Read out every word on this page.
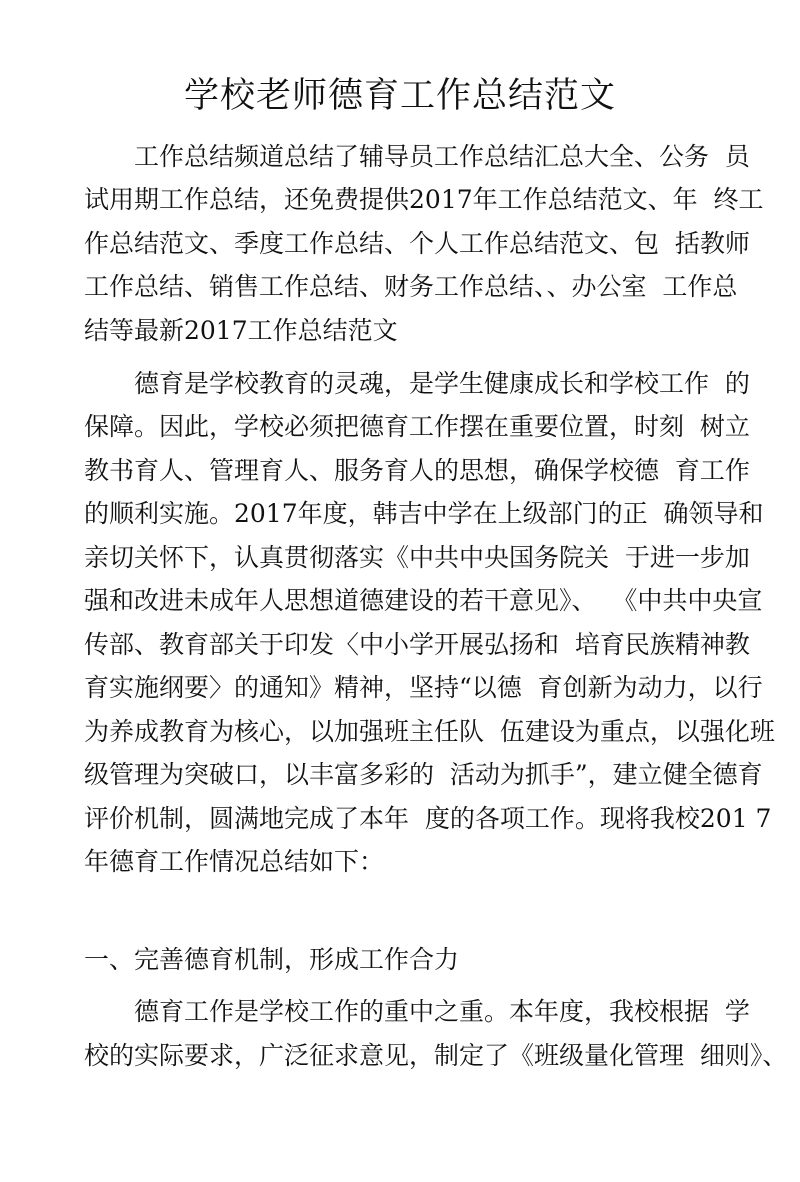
学校老师德育工作总结范文
　　工作总结频道总结了辅导员工作总结汇总大全、公务  员
试用期工作总结，还免费提供2017年工作总结范文、年  终工
作总结范文、季度工作总结、个人工作总结范文、包  括教师
工作总结、销售工作总结、财务工作总结、、办公室  工作总
结等最新2017工作总结范文
　　德育是学校教育的灵魂，是学生健康成长和学校工作  的
保障。因此，学校必须把德育工作摆在重要位置，时刻  树立
教书育人、管理育人、服务育人的思想，确保学校德  育工作
的顺利实施。2017年度，韩吉中学在上级部门的正  确领导和
亲切关怀下，认真贯彻落实《中共中央国务院关  于进一步加
强和改进未成年人思想道德建设的若干意见》、  《中共中央宣
传部、教育部关于印发〈中小学开展弘扬和  培育民族精神教
育实施纲要〉的通知》精神，坚持“以德  育创新为动力，以行
为养成教育为核心，以加强班主任队  伍建设为重点，以强化班
级管理为突破口，以丰富多彩的  活动为抓手”，建立健全德育
评价机制，圆满地完成了本年  度的各项工作。现将我校201 7
年德育工作情况总结如下：
一、完善德育机制，形成工作合力
　　德育工作是学校工作的重中之重。本年度，我校根据  学
校的实际要求，广泛征求意见，制定了《班级量化管理  细则》、
